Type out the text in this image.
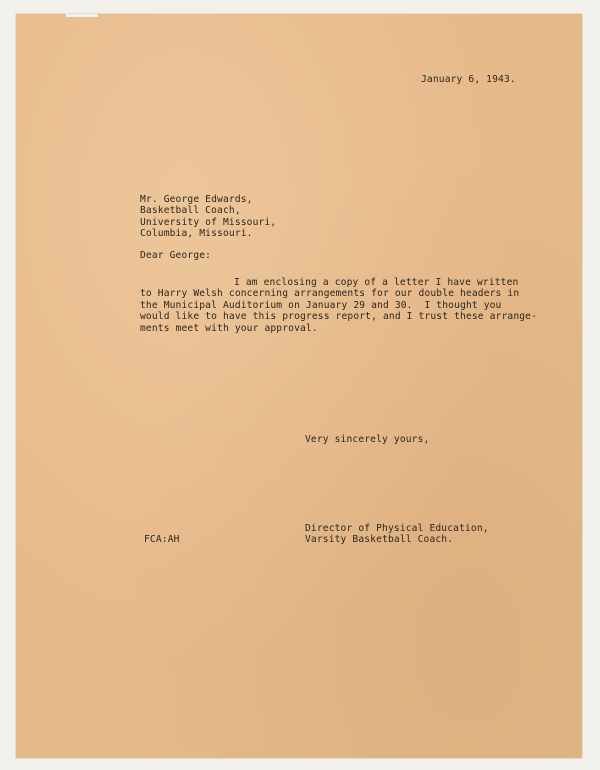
January 6, 1943.
Mr. George Edwards,
Basketball Coach,
University of Missouri,
Columbia, Missouri.
Dear George:
I am enclosing a copy of a letter I have written
to Harry Welsh concerning arrangements for our double headers in
the Municipal Auditorium on January 29 and 30.  I thought you
would like to have this progress report, and I trust these arrange-
ments meet with your approval.
Very sincerely yours,
Director of Physical Education,
Varsity Basketball Coach.
FCA:AH
